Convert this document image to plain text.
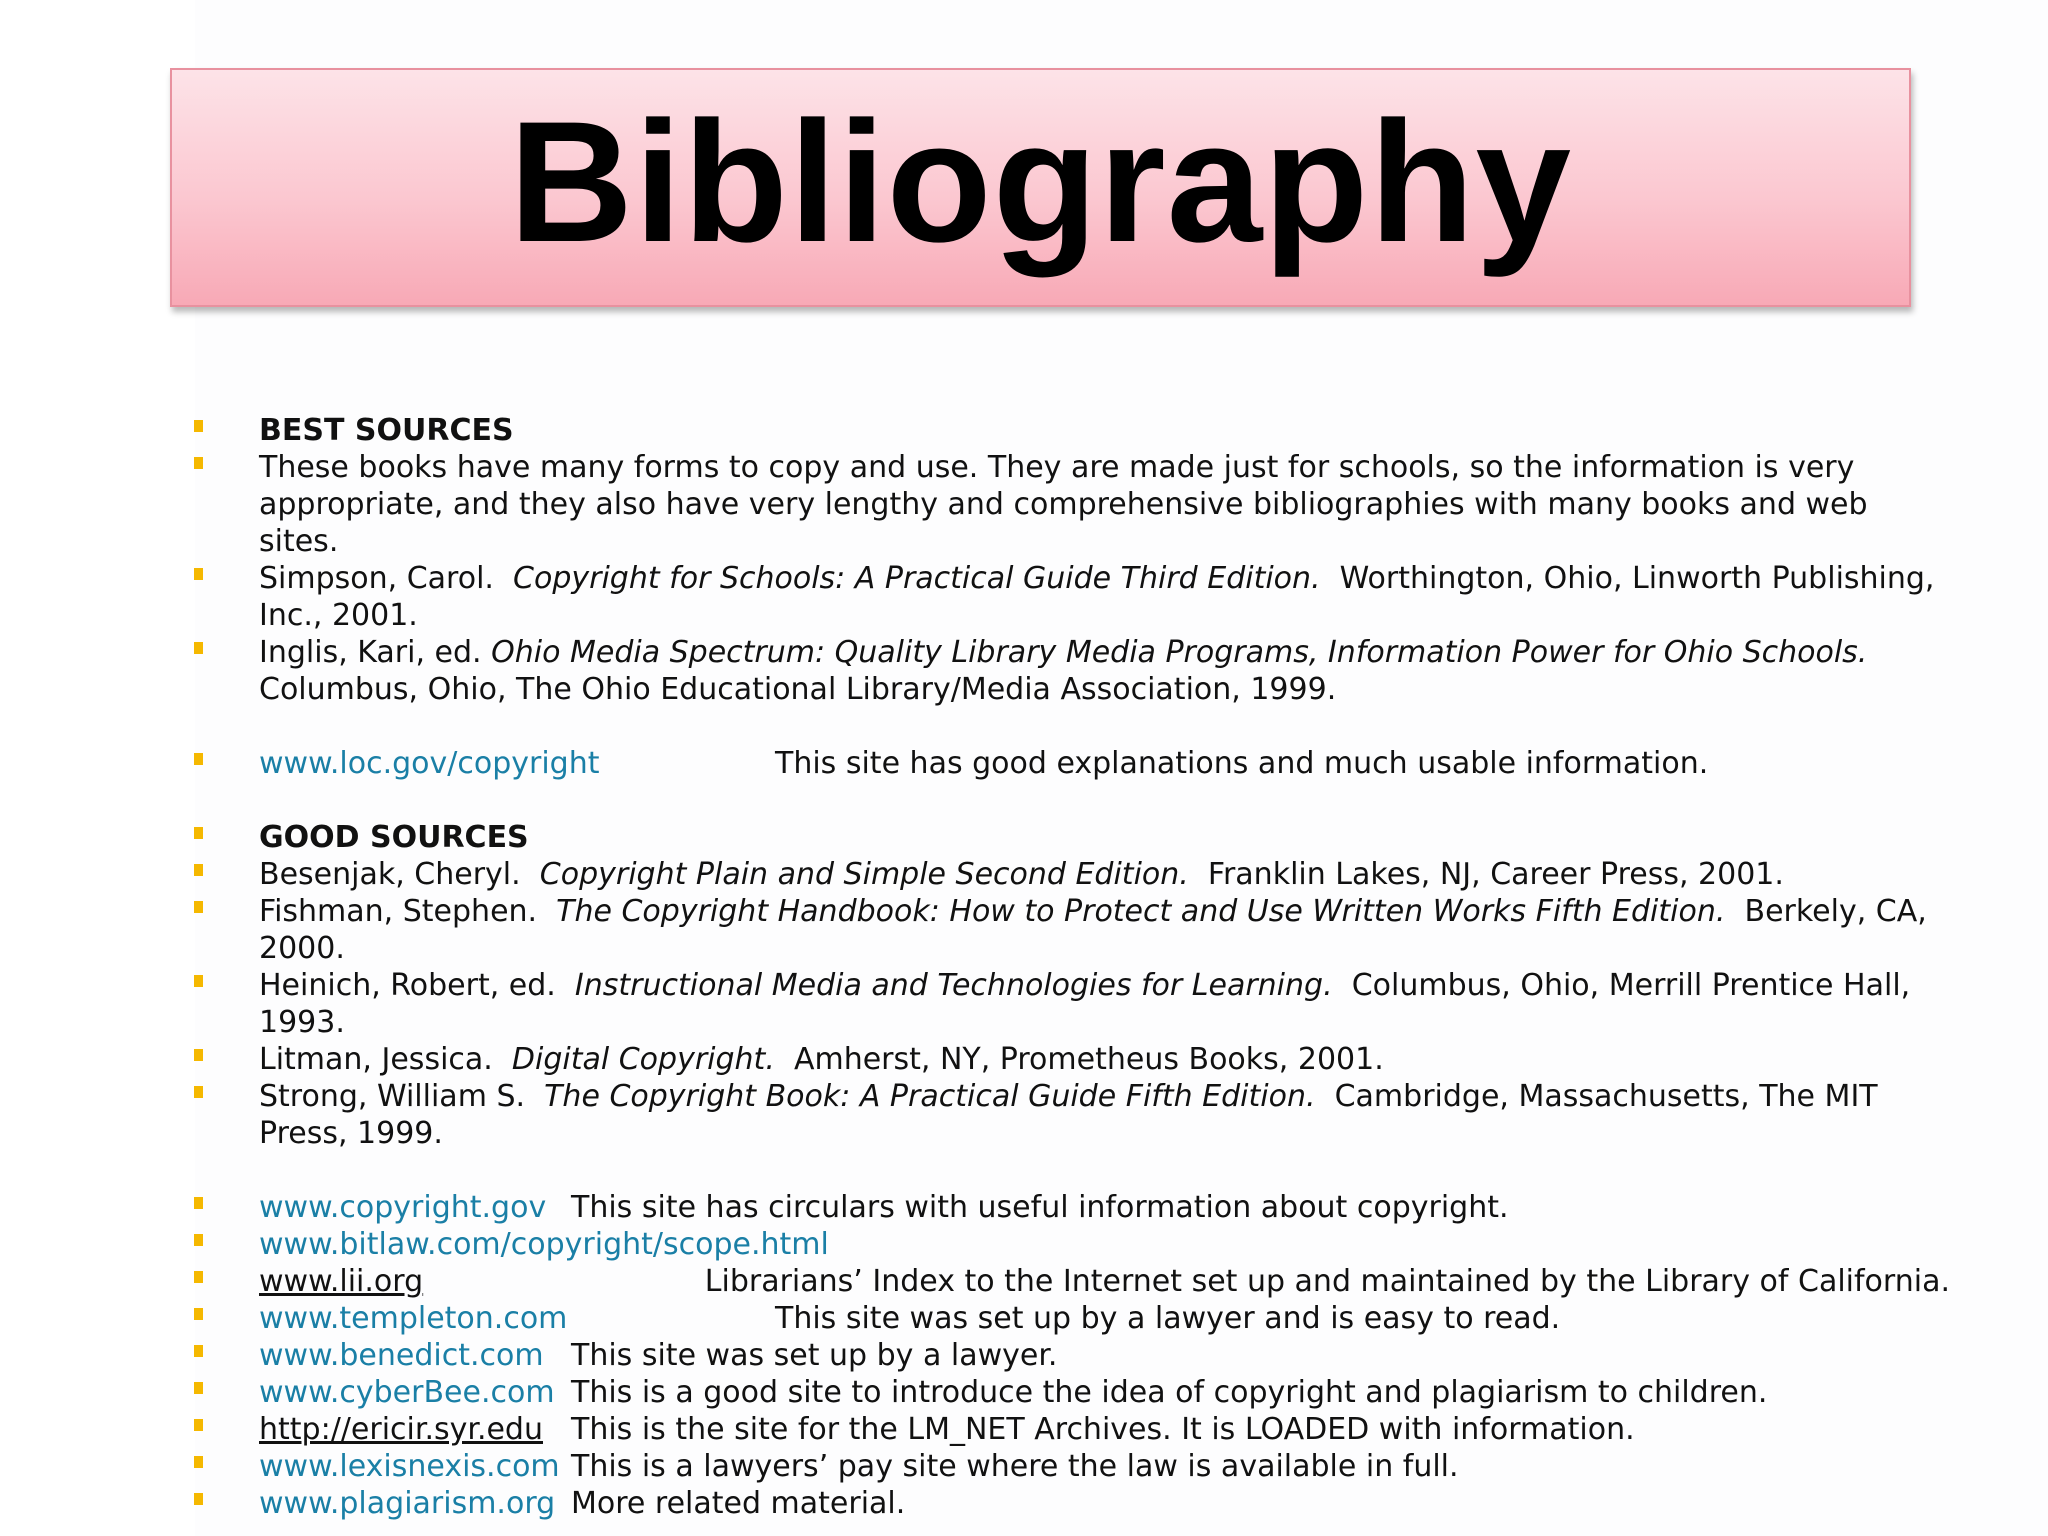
Bibliography
BEST SOURCES
These books have many forms to copy and use. They are made just for schools, so the information is very appropriate, and they also have very lengthy and comprehensive bibliographies with many books and web sites.
Simpson, Carol. Copyright for Schools: A Practical Guide Third Edition. Worthington, Ohio, Linworth Publishing, Inc., 2001.
Inglis, Kari, ed. Ohio Media Spectrum: Quality Library Media Programs, Information Power for Ohio Schools.  Columbus, Ohio, The Ohio Educational Library/Media Association, 1999.
www.loc.gov/copyright	This site has good explanations and much usable information.
GOOD SOURCES
Besenjak, Cheryl. Copyright Plain and Simple Second Edition. Franklin Lakes, NJ, Career Press, 2001.
Fishman, Stephen. The Copyright Handbook: How to Protect and Use Written Works Fifth Edition. Berkely, CA, 2000.
Heinich, Robert, ed. Instructional Media and Technologies for Learning. Columbus, Ohio, Merrill Prentice Hall, 1993.
Litman, Jessica. Digital Copyright. Amherst, NY, Prometheus Books, 2001.
Strong, William S. The Copyright Book: A Practical Guide Fifth Edition. Cambridge, Massachusetts, The MIT Press, 1999.
www.copyright.gov This site has circulars with useful information about copyright.
www.bitlaw.com/copyright/scope.html
www.lii.org	Librarians’ Index to the Internet set up and maintained by the Library of California.
www.templeton.com	This site was set up by a lawyer and is easy to read.
www.benedict.com This site was set up by a lawyer.
www.cyberBee.com This is a good site to introduce the idea of copyright and plagiarism to children.
http://ericir.syr.edu This is the site for the LM_NET Archives. It is LOADED with information.
www.lexisnexis.com This is a lawyers’ pay site where the law is available in full.
www.plagiarism.org More related material.
